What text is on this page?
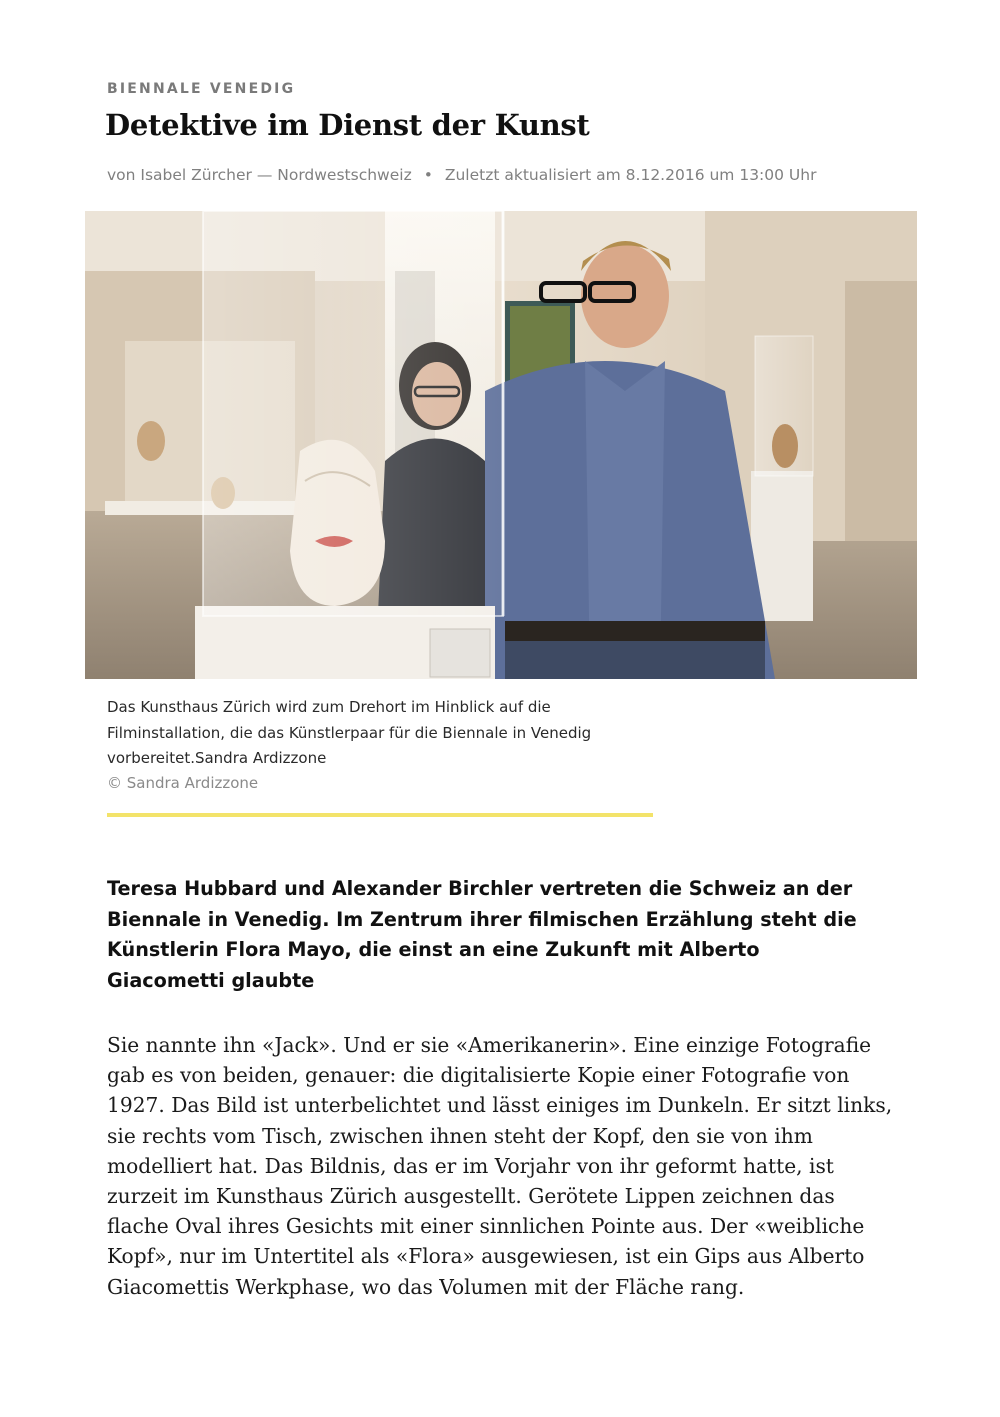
BIENNALE VENEDIG
Detektive im Dienst der Kunst
von Isabel Zürcher — Nordwestschweiz • Zuletzt aktualisiert am 8.12.2016 um 13:00 Uhr

Das Kunsthaus Zürich wird zum Drehort im Hinblick auf die Filminstallation, die das Künstlerpaar für die Biennale in Venedig vorbereitet.Sandra Ardizzone

© Sandra Ardizzone

Teresa Hubbard und Alexander Birchler vertreten die Schweiz an der Biennale in Venedig. Im Zentrum ihrer filmischen Erzählung steht die Künstlerin Flora Mayo, die einst an eine Zukunft mit Alberto Giacometti glaubte

Sie nannte ihn «Jack». Und er sie «Amerikanerin». Eine einzige Fotografie gab es von beiden, genauer: die digitalisierte Kopie einer Fotografie von 1927. Das Bild ist unterbelichtet und lässt einiges im Dunkeln. Er sitzt links, sie rechts vom Tisch, zwischen ihnen steht der Kopf, den sie von ihm modelliert hat. Das Bildnis, das er im Vorjahr von ihr geformt hatte, ist zurzeit im Kunsthaus Zürich ausgestellt. Gerötete Lippen zeichnen das flache Oval ihres Gesichts mit einer sinnlichen Pointe aus. Der «weibliche Kopf», nur im Untertitel als «Flora» ausgewiesen, ist ein Gips aus Alberto Giacomettis Werkphase, wo das Volumen mit der Fläche rang.
